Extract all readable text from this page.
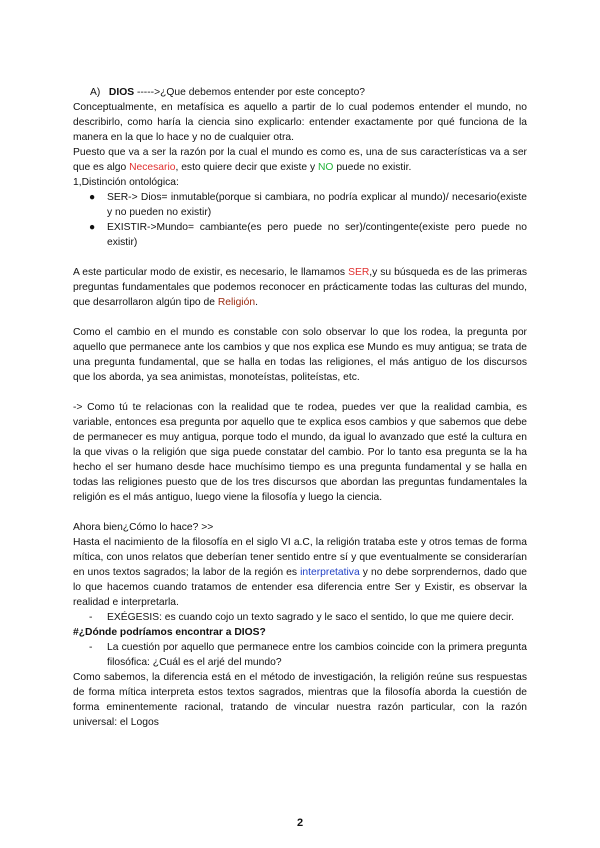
A) DIOS ----->¿Que debemos entender por este concepto?

Conceptualmente, en metafísica es aquello a partir de lo cual podemos entender el mundo, no describirlo, como haría la ciencia sino explicarlo: entender exactamente por qué funciona de la manera en la que lo hace y no de cualquier otra.

Puesto que va a ser la razón por la cual el mundo es como es, una de sus características va a ser que es algo Necesario, esto quiere decir que existe y NO puede no existir.

1,Distinción ontológica:

● SER-> Dios= inmutable(porque si cambiara, no podría explicar al mundo)/ necesario(existe y no pueden no existir)
● EXISTIR->Mundo= cambiante(es pero puede no ser)/contingente(existe pero puede no existir)

A este particular modo de existir, es necesario, le llamamos SER,y su búsqueda es de las primeras preguntas fundamentales que podemos reconocer en prácticamente todas las culturas del mundo, que desarrollaron algún tipo de Religión.

Como el cambio en el mundo es constable con solo observar lo que los rodea, la pregunta por aquello que permanece ante los cambios y que nos explica ese Mundo es muy antigua; se trata de una pregunta fundamental, que se halla en todas las religiones, el más antiguo de los discursos que los aborda, ya sea animistas, monoteístas, politeístas, etc.

-> Como tú te relacionas con la realidad que te rodea, puedes ver que la realidad cambia, es variable, entonces esa pregunta por aquello que te explica esos cambios y que sabemos que debe de permanecer es muy antigua, porque todo el mundo, da igual lo avanzado que esté la cultura en la que vivas o la religión que siga puede constatar del cambio. Por lo tanto esa pregunta se la ha hecho el ser humano desde hace muchísimo tiempo es una pregunta fundamental y se halla en todas las religiones puesto que de los tres discursos que abordan las preguntas fundamentales la religión es el más antiguo, luego viene la filosofía y luego la ciencia.

Ahora bien¿Cómo lo hace? >>

Hasta el nacimiento de la filosofía en el siglo VI a.C, la religión trataba este y otros temas de forma mítica, con unos relatos que deberían tener sentido entre sí y que eventualmente se considerarían en unos textos sagrados; la labor de la región es interpretativa y no debe sorprendernos, dado que lo que hacemos cuando tratamos de entender esa diferencia entre Ser y Existir, es observar la realidad e interpretarla.

- EXÉGESIS: es cuando cojo un texto sagrado y le saco el sentido, lo que me quiere decir.

#¿Dónde podríamos encontrar a DIOS?

- La cuestión por aquello que permanece entre los cambios coincide con la primera pregunta filosófica: ¿Cuál es el arjé del mundo?

Como sabemos, la diferencia está en el método de investigación, la religión reúne sus respuestas de forma mítica interpreta estos textos sagrados, mientras que la filosofía aborda la cuestión de forma eminentemente racional, tratando de vincular nuestra razón particular, con la razón universal: el Logos

2
